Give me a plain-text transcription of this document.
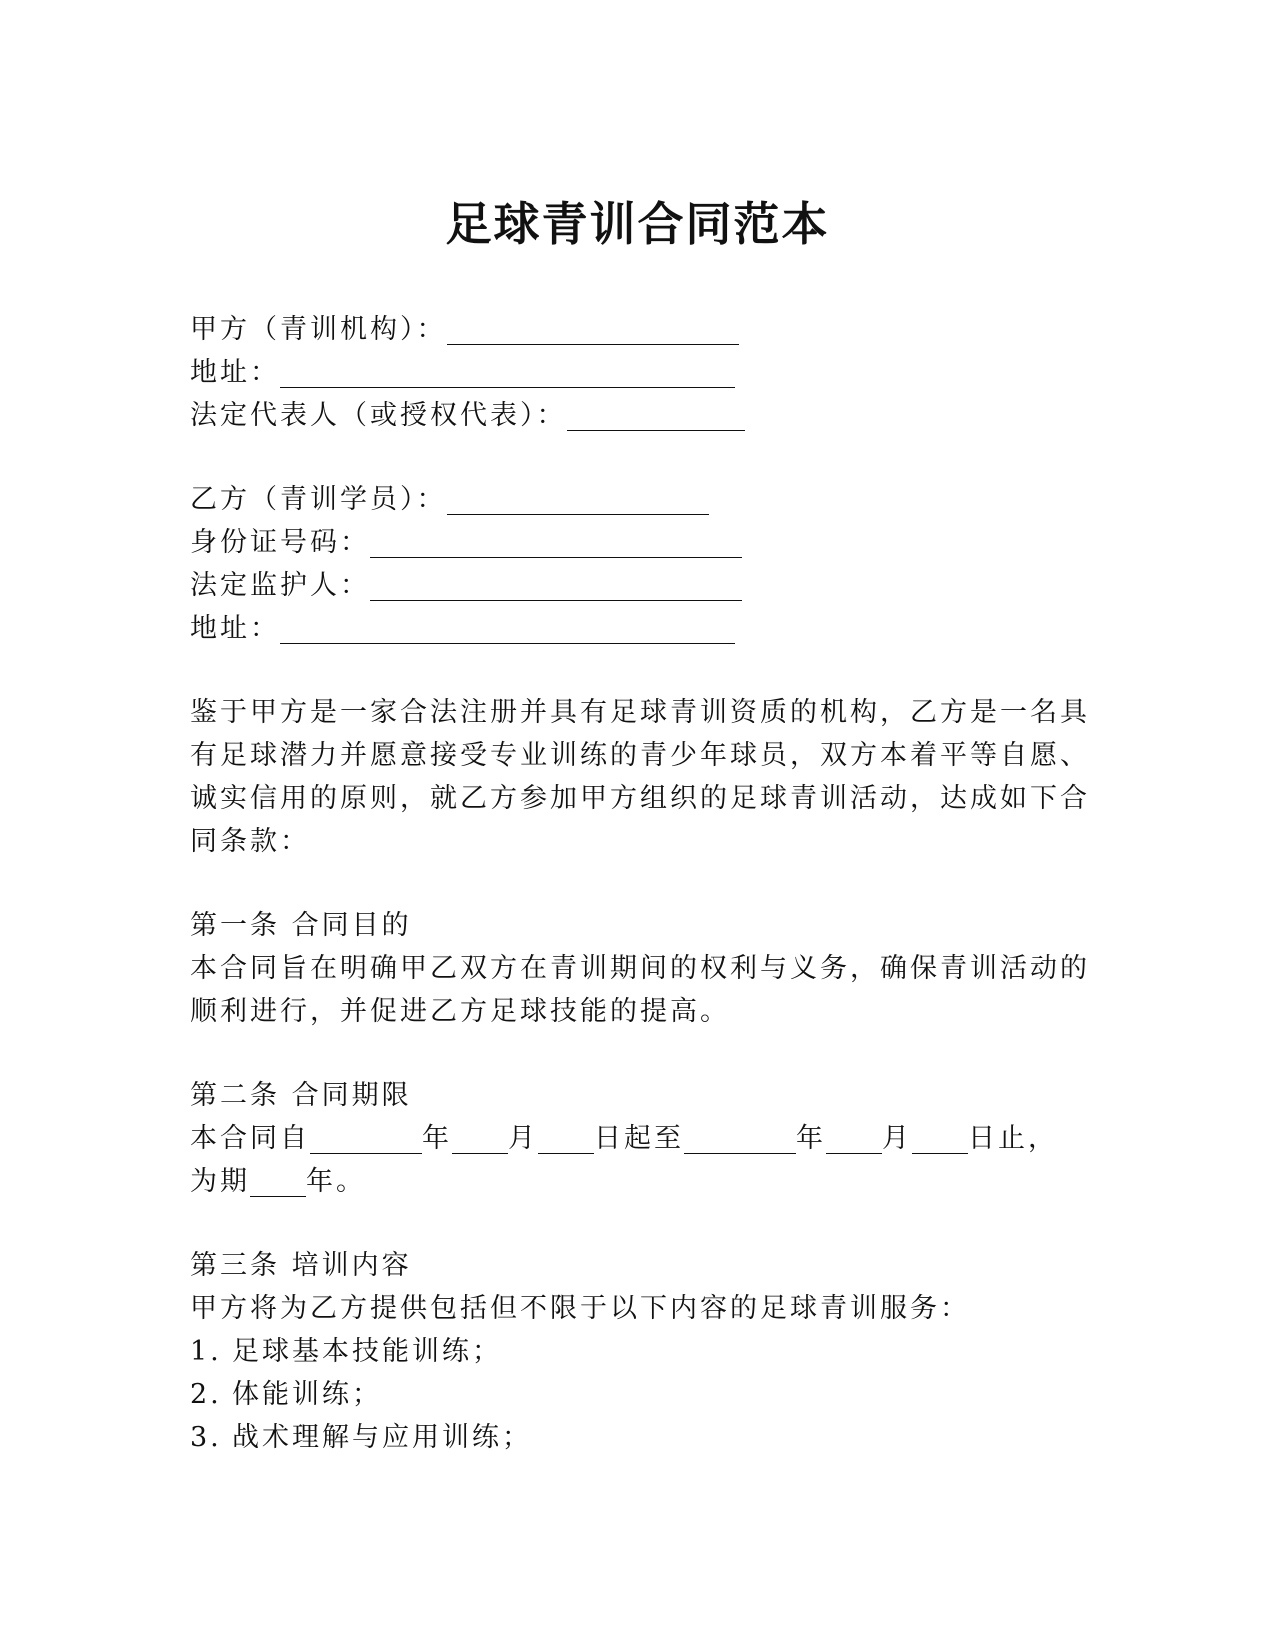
足球青训合同范本
甲方（青训机构）：
地址：
法定代表人（或授权代表）：
乙方（青训学员）：
身份证号码：
法定监护人：
地址：
鉴于甲方是一家合法注册并具有足球青训资质的机构，乙方是一名具
有足球潜力并愿意接受专业训练的青少年球员，双方本着平等自愿、
诚实信用的原则，就乙方参加甲方组织的足球青训活动，达成如下合
同条款：
第一条 合同目的
本合同旨在明确甲乙双方在青训期间的权利与义务，确保青训活动的
顺利进行，并促进乙方足球技能的提高。
第二条 合同期限
本合同自	年 月 日起至	年 月 日止，
为期 年。
第三条 培训内容
甲方将为乙方提供包括但不限于以下内容的足球青训服务：
1. 足球基本技能训练；
2. 体能训练；
3. 战术理解与应用训练；
